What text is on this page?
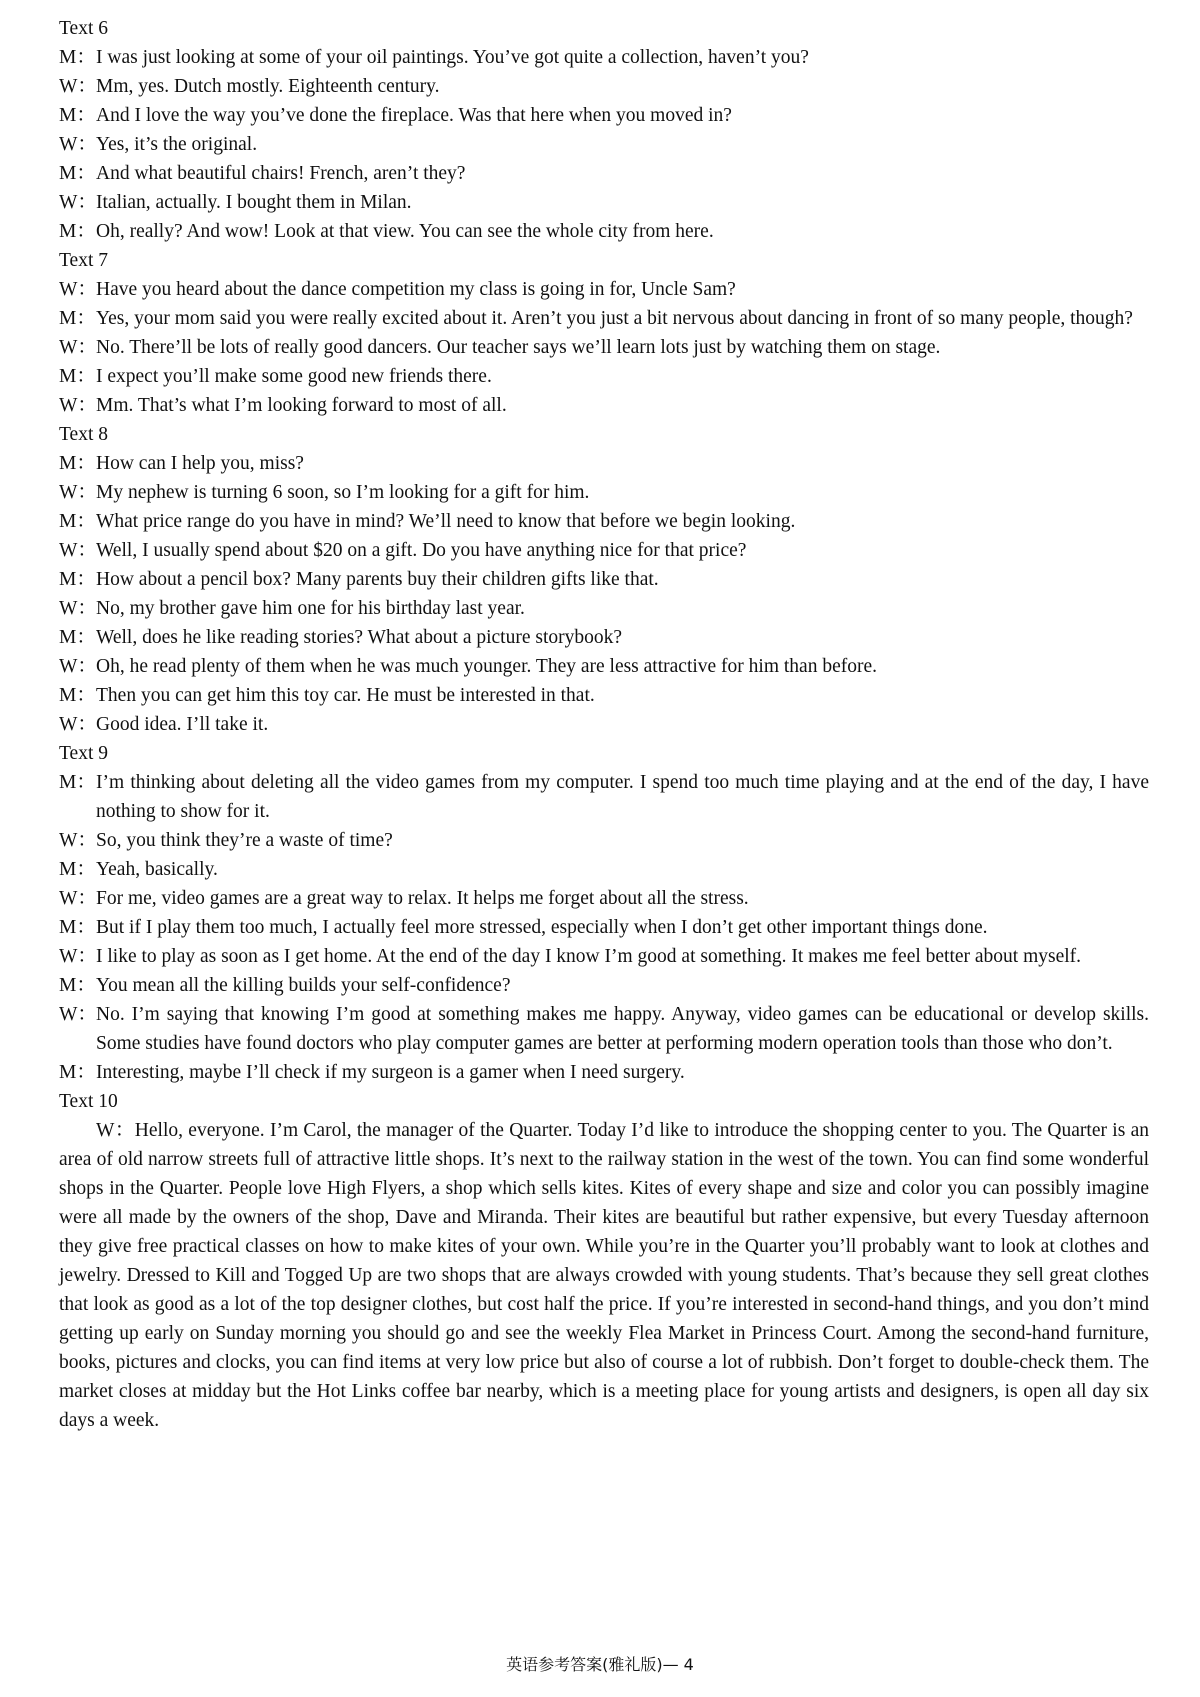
Text 6
M：I was just looking at some of your oil paintings. You’ve got quite a collection, haven’t you?
W：Mm, yes. Dutch mostly. Eighteenth century.
M：And I love the way you’ve done the fireplace. Was that here when you moved in?
W：Yes, it’s the original.
M：And what beautiful chairs! French, aren’t they?
W：Italian, actually. I bought them in Milan.
M：Oh, really? And wow! Look at that view. You can see the whole city from here.
Text 7
W：Have you heard about the dance competition my class is going in for, Uncle Sam?
M：Yes, your mom said you were really excited about it. Aren’t you just a bit nervous about dancing in front of so many people, though?
W：No. There’ll be lots of really good dancers. Our teacher says we’ll learn lots just by watching them on stage.
M：I expect you’ll make some good new friends there.
W：Mm. That’s what I’m looking forward to most of all.
Text 8
M：How can I help you, miss?
W：My nephew is turning 6 soon, so I’m looking for a gift for him.
M：What price range do you have in mind? We’ll need to know that before we begin looking.
W：Well, I usually spend about $20 on a gift. Do you have anything nice for that price?
M：How about a pencil box? Many parents buy their children gifts like that.
W：No, my brother gave him one for his birthday last year.
M：Well, does he like reading stories? What about a picture storybook?
W：Oh, he read plenty of them when he was much younger. They are less attractive for him than before.
M：Then you can get him this toy car. He must be interested in that.
W：Good idea. I’ll take it.
Text 9
M：I’m thinking about deleting all the video games from my computer. I spend too much time playing and at the end of the day, I have nothing to show for it.
W：So, you think they’re a waste of time?
M：Yeah, basically.
W：For me, video games are a great way to relax. It helps me forget about all the stress.
M：But if I play them too much, I actually feel more stressed, especially when I don’t get other important things done.
W：I like to play as soon as I get home. At the end of the day I know I’m good at something. It makes me feel better about myself.
M：You mean all the killing builds your self-confidence?
W：No. I’m saying that knowing I’m good at something makes me happy. Anyway, video games can be educational or develop skills. Some studies have found doctors who play computer games are better at performing modern operation tools than those who don’t.
M：Interesting, maybe I’ll check if my surgeon is a gamer when I need surgery.
Text 10
W：Hello, everyone. I’m Carol, the manager of the Quarter. Today I’d like to introduce the shopping center to you. The Quarter is an area of old narrow streets full of attractive little shops. It’s next to the railway station in the west of the town. You can find some wonderful shops in the Quarter. People love High Flyers, a shop which sells kites. Kites of every shape and size and color you can possibly imagine were all made by the owners of the shop, Dave and Miranda. Their kites are beautiful but rather expensive, but every Tuesday afternoon they give free practical classes on how to make kites of your own. While you’re in the Quarter you’ll probably want to look at clothes and jewelry. Dressed to Kill and Togged Up are two shops that are always crowded with young students. That’s because they sell great clothes that look as good as a lot of the top designer clothes, but cost half the price. If you’re interested in second-hand things, and you don’t mind getting up early on Sunday morning you should go and see the weekly Flea Market in Princess Court. Among the second-hand furniture, books, pictures and clocks, you can find items at very low price but also of course a lot of rubbish. Don’t forget to double-check them. The market closes at midday but the Hot Links coffee bar nearby, which is a meeting place for young artists and designers, is open all day six days a week.
英语参考答案(雅礼版)— 4
